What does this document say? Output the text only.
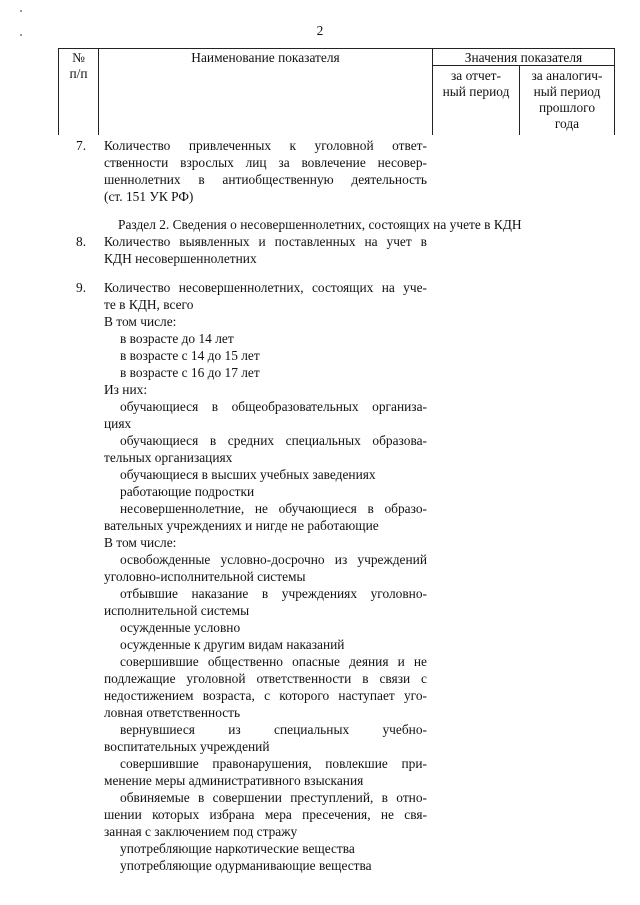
2
№
п/п
Наименование показателя	Значения показателя
за отчет-
ный период
за аналогич-
ный период
прошлого
года
7. Количество привлеченных к уголовной ответ-
ственности взрослых лиц за вовлечение несовер-
шеннолетних в антиобщественную деятельность
(ст. 151 УК РФ)
Раздел 2. Сведения о несовершеннолетних, состоящих на учете в КДН
8. Количество выявленных и поставленных на учет в
КДН несовершеннолетних
9. Количество несовершеннолетних, состоящих на уче-
те в КДН, всего
В том числе:
в возрасте до 14 лет
в возрасте с 14 до 15 лет
в возрасте с 16 до 17 лет
Из них:
обучающиеся в общеобразовательных организа-
циях
обучающиеся в средних специальных образова-
тельных организациях
обучающиеся в высших учебных заведениях
работающие подростки
несовершеннолетние, не обучающиеся в образо-
вательных учреждениях и нигде не работающие
В том числе:
освобожденные условно-досрочно из учреждений
уголовно-исполнительной системы
отбывшие наказание в учреждениях уголовно-
исполнительной системы
осужденные условно
осужденные к другим видам наказаний
совершившие общественно опасные деяния и не
подлежащие уголовной ответственности в связи с
недостижением возраста, с которого наступает уго-
ловная ответственность
вернувшиеся из специальных учебно-
воспитательных учреждений
совершившие правонарушения, повлекшие при-
менение меры административного взыскания
обвиняемые в совершении преступлений, в отно-
шении которых избрана мера пресечения, не свя-
занная с заключением под стражу
употребляющие наркотические вещества
употребляющие одурманивающие вещества
